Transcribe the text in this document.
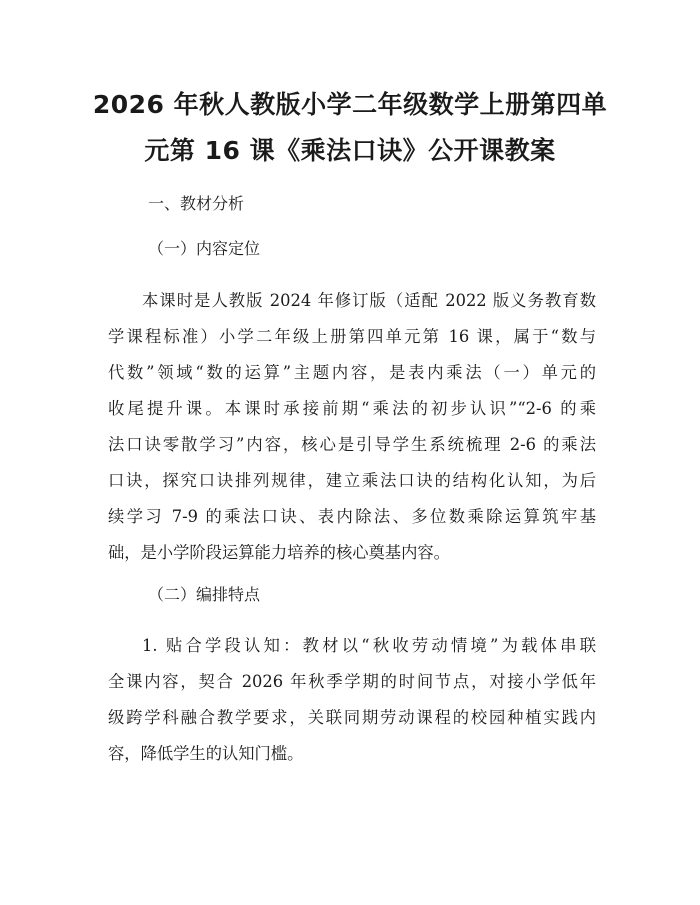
2026 年秋人教版小学二年级数学上册第四单
元第 16 课《乘法口诀》公开课教案

一、教材分析

（一）内容定位

本课时是人教版 2024 年修订版（适配 2022 版义务教育数
学课程标准）小学二年级上册第四单元第 16 课，属于“数与
代数”领域“数的运算”主题内容，是表内乘法（一）单元的
收尾提升课。本课时承接前期“乘法的初步认识”“2-6 的乘
法口诀零散学习”内容，核心是引导学生系统梳理 2-6 的乘法
口诀，探究口诀排列规律，建立乘法口诀的结构化认知，为后
续学习 7-9 的乘法口诀、表内除法、多位数乘除运算筑牢基
础，是小学阶段运算能力培养的核心奠基内容。

（二）编排特点

1. 贴合学段认知：教材以“秋收劳动情境”为载体串联
全课内容，契合 2026 年秋季学期的时间节点，对接小学低年
级跨学科融合教学要求，关联同期劳动课程的校园种植实践内
容，降低学生的认知门槛。
